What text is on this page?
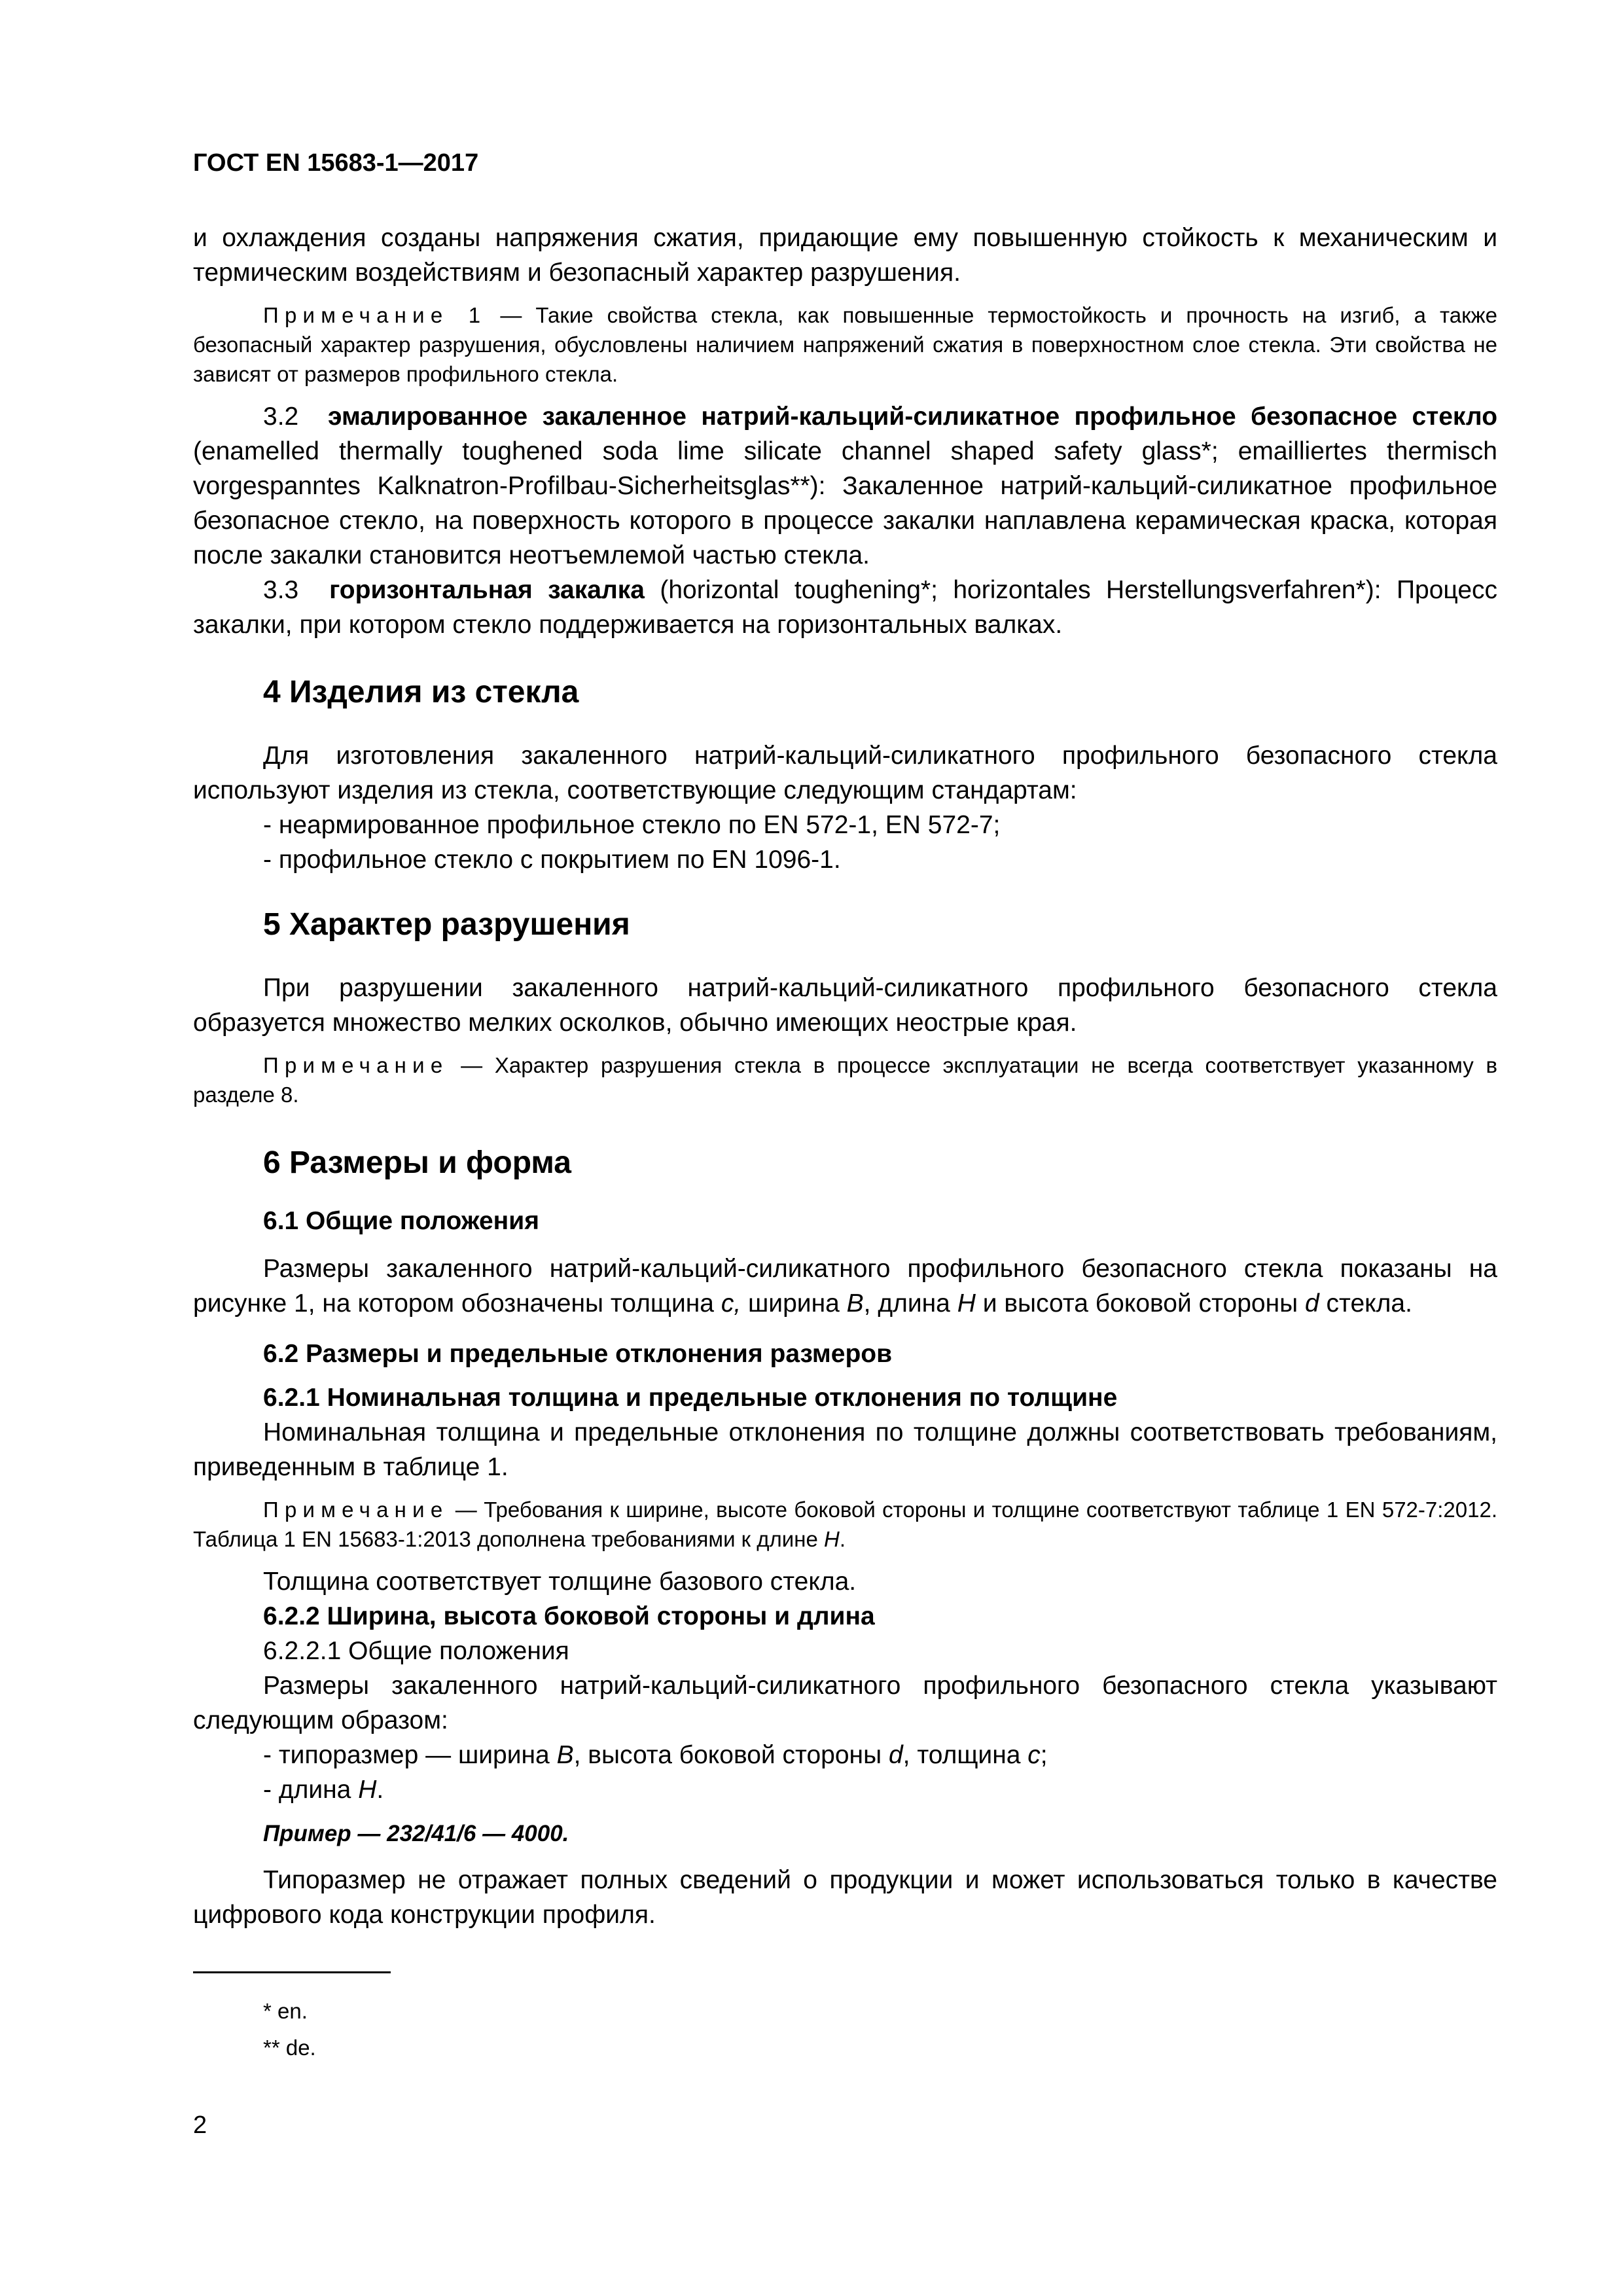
ГОСТ EN 15683-1—2017

и охлаждения созданы напряжения сжатия, придающие ему повышенную стойкость к механическим и термическим воздействиям и безопасный характер разрушения.

Примечание 1 — Такие свойства стекла, как повышенные термостойкость и прочность на изгиб, а также безопасный характер разрушения, обусловлены наличием напряжений сжатия в поверхностном слое стекла. Эти свойства не зависят от размеров профильного стекла.

3.2 эмалированное закаленное натрий-кальций-силикатное профильное безопасное стекло (enamelled thermally toughened soda lime silicate channel shaped safety glass*; emailliertes thermisch vorgespanntes Kalknatron-Profilbau-Sicherheitsglas**): Закаленное натрий-кальций-силикатное профильное безопасное стекло, на поверхность которого в процессе закалки наплавлена керамическая краска, которая после закалки становится неотъемлемой частью стекла.

3.3 горизонтальная закалка (horizontal toughening*; horizontales Herstellungsverfahren*): Процесс закалки, при котором стекло поддерживается на горизонтальных валках.

4 Изделия из стекла

Для изготовления закаленного натрий-кальций-силикатного профильного безопасного стекла используют изделия из стекла, соответствующие следующим стандартам:

- неармированное профильное стекло по EN 572-1, EN 572-7;

- профильное стекло с покрытием по EN 1096-1.

5 Характер разрушения

При разрушении закаленного натрий-кальций-силикатного профильного безопасного стекла образуется множество мелких осколков, обычно имеющих неострые края.

Примечание — Характер разрушения стекла в процессе эксплуатации не всегда соответствует указанному в разделе 8.

6 Размеры и форма
6.1 Общие положения

Размеры закаленного натрий-кальций-силикатного профильного безопасного стекла показаны на рисунке 1, на котором обозначены толщина c, ширина B, длина H и высота боковой стороны d стекла.

6.2 Размеры и предельные отклонения размеров
6.2.1 Номинальная толщина и предельные отклонения по толщине

Номинальная толщина и предельные отклонения по толщине должны соответствовать требованиям, приведенным в таблице 1.

Примечание — Требования к ширине, высоте боковой стороны и толщине соответствуют таблице 1 EN 572-7:2012. Таблица 1 EN 15683-1:2013 дополнена требованиями к длине H.

Толщина соответствует толщине базового стекла.

6.2.2 Ширина, высота боковой стороны и длина

6.2.2.1 Общие положения

Размеры закаленного натрий-кальций-силикатного профильного безопасного стекла указывают следующим образом:

- типоразмер — ширина B, высота боковой стороны d, толщина c;

- длина H.

Пример — 232/41/6 — 4000.

Типоразмер не отражает полных сведений о продукции и может использоваться только в качестве цифрового кода конструкции профиля.

* en.
** de.
2
